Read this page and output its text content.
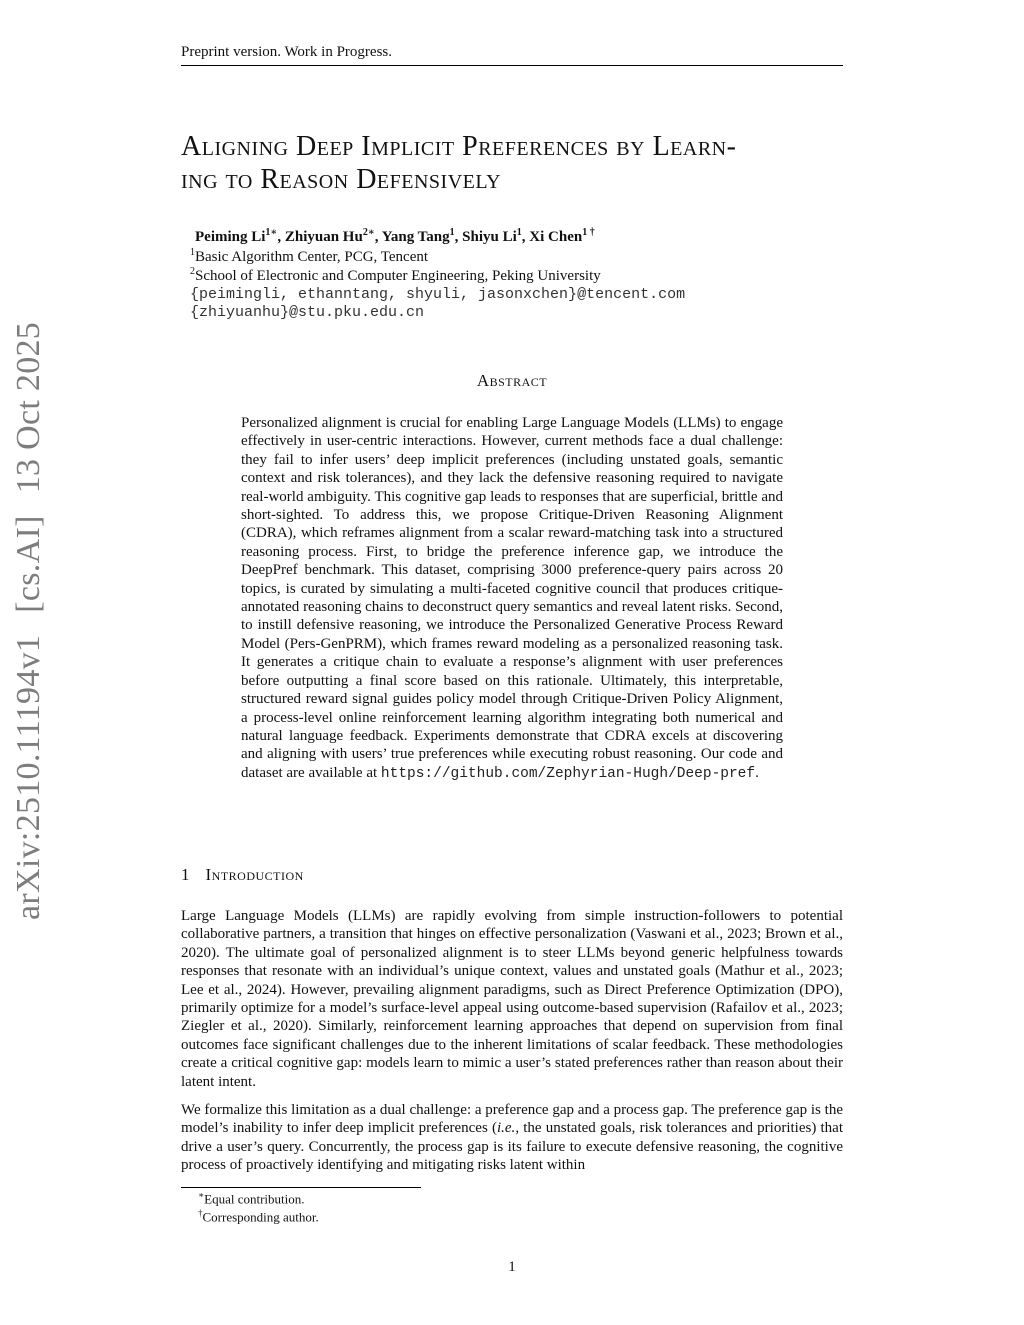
Preprint version. Work in Progress.
arXiv:2510.11194v1[cs.AI]13 Oct 2025
Aligning Deep Implicit Preferences by Learn-
ing to Reason Defensively
Peiming $Li^{1∗}$, Zhiyuan $Hu^{2∗}$, Yang Tang$^1$, Shiyu Li$^1$, Xi Chen$^{1 \dagger}$
$^1$Basic Algorithm Center, PCG, Tencent
$^2$School of Electronic and Computer Engineering, Peking University
{peimingli, ethanntang, shyuli, jasonxchen}@tencent.com
{zhiyuanhu}@stu.pku.edu.cn
Abstract
Personalized alignment is crucial for enabling Large Language Models (LLMs) to engage effectively in user-centric interactions. However, current methods face a dual challenge: they fail to infer users’ deep implicit preferences (including unstated goals, semantic context and risk tolerances), and they lack the defensive reasoning required to navigate real-world ambiguity. This cognitive gap leads to responses that are superficial, brittle and short-sighted. To address this, we propose Critique-Driven Reasoning Alignment (CDRA), which reframes alignment from a scalar reward-matching task into a structured reasoning process. First, to bridge the preference inference gap, we introduce the DeepPref benchmark. This dataset, comprising 3000 preference-query pairs across 20 topics, is curated by simulating a multi-faceted cognitive council that produces critique-annotated reasoning chains to deconstruct query semantics and reveal latent risks. Second, to instill defensive reasoning, we introduce the Personalized Generative Process Reward Model (Pers-GenPRM), which frames reward modeling as a personalized reasoning task. It generates a critique chain to evaluate a response’s alignment with user preferences before outputting a final score based on this rationale. Ultimately, this interpretable, structured reward signal guides policy model through Critique-Driven Policy Alignment, a process-level online reinforcement learning algorithm integrating both numerical and natural language feedback. Experiments demonstrate that CDRA excels at discovering and aligning with users’ true preferences while executing robust reasoning. Our code and dataset are available at https://github.com/Zephyrian-Hugh/Deep-pref.
1 Introduction
Large Language Models (LLMs) are rapidly evolving from simple instruction-followers to potential collaborative partners, a transition that hinges on effective personalization (Vaswani et al., 2023; Brown et al., 2020). The ultimate goal of personalized alignment is to steer LLMs beyond generic helpfulness towards responses that resonate with an individual’s unique context, values and unstated goals (Mathur et al., 2023; Lee et al., 2024). However, prevailing alignment paradigms, such as Direct Preference Optimization (DPO), primarily optimize for a model’s surface-level appeal using outcome-based supervision (Rafailov et al., 2023; Ziegler et al., 2020). Similarly, reinforcement learning approaches that depend on supervision from final outcomes face significant challenges due to the inherent limitations of scalar feedback. These methodologies create a critical cognitive gap: models learn to mimic a user’s stated preferences rather than reason about their latent intent.
We formalize this limitation as a dual challenge: a preference gap and a process gap. The preference gap is the model’s inability to infer deep implicit preferences (i.e., the unstated goals, risk tolerances and priorities) that drive a user’s query. Concurrently, the process gap is its failure to execute defensive reasoning, the cognitive process of proactively identifying and mitigating risks latent within
∗Equal contribution.
†Corresponding author.
1
